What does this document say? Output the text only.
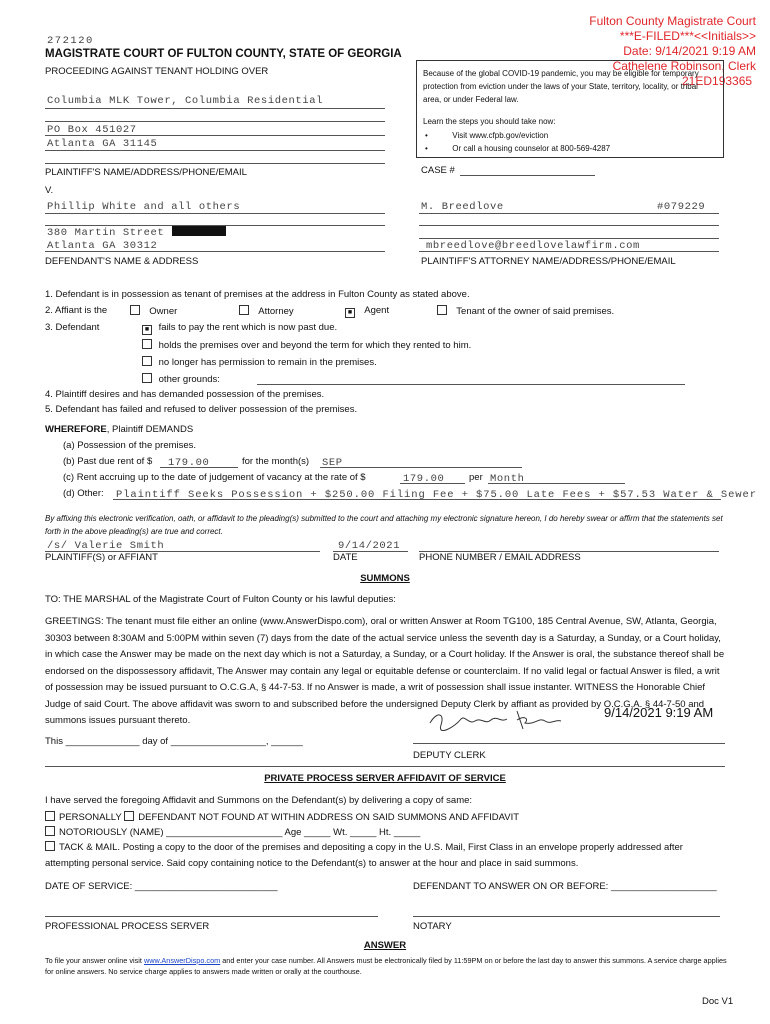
Fulton County Magistrate Court
***E-FILED***<<Initials>>
Date: 9/14/2021 9:19 AM
Cathelene Robinson, Clerk
21ED193365
272120
MAGISTRATE COURT OF FULTON COUNTY, STATE OF GEORGIA
PROCEEDING AGAINST TENANT HOLDING OVER	Because of the global COVID-19 pandemic, you may be eligible for temporary protection from eviction under the laws of your State, territory, locality, or tribal area, or under Federal law.
Learn the steps you should take now:
•           Visit www.cfpb.gov/eviction
•           Or call a housing counselor at 800-569-4287
Columbia MLK Tower, Columbia Residential
PO Box 451027
Atlanta GA 31145
PLAINTIFF'S NAME/ADDRESS/PHONE/EMAIL	CASE #
V.
Phillip White and all others
380 Martin Street
Atlanta GA 30312
DEFENDANT'S NAME & ADDRESS
M. Breedlove	#079229
mbreedlove@breedlovelawfirm.com
PLAINTIFF'S ATTORNEY NAME/ADDRESS/PHONE/EMAIL
1. Defendant is in possession as tenant of premises at the address in Fulton County as stated above.
2. Affiant is the	Owner	Attorney	■ Agent	Tenant of the owner of said premises.
3. Defendant	■ fails to pay the rent which is now past due.
holds the premises over and beyond the term for which they rented to him.
no longer has permission to remain in the premises.
other grounds:
4. Plaintiff desires and has demanded possession of the premises.
5. Defendant has failed and refused to deliver possession of the premises.
WHEREFORE, Plaintiff DEMANDS
(a) Possession of the premises.
(b) Past due rent of $ 179.00	for the month(s) SEP
(c) Rent accruing up to the date of judgement of vacancy at the rate of $	179.00	per Month
(d) Other: Plaintiff Seeks Possession + $250.00 Filing Fee + $75.00 Late Fees + $57.53 Water & Sewer
By affixing this electronic verification, oath, or affidavit to the pleading(s) submitted to the court and attaching my electronic signature hereon, I do hereby swear or affirm that the statements set forth in the above pleading(s) are true and correct.
/s/ Valerie Smith	9/14/2021
PLAINTIFF(S) or AFFIANT	DATE	PHONE NUMBER / EMAIL ADDRESS
SUMMONS
TO: THE MARSHAL of the Magistrate Court of Fulton County or his lawful deputies:
GREETINGS: The tenant must file either an online (www.AnswerDispo.com), oral or written Answer at Room TG100, 185 Central Avenue, SW, Atlanta, Georgia, 30303 between 8:30AM and 5:00PM within seven (7) days from the date of the actual service unless the seventh day is a Saturday, a Sunday, or a Court holiday, in which case the Answer may be made on the next day which is not a Saturday, a Sunday, or a Court holiday. If the Answer is oral, the substance thereof shall be endorsed on the dispossessory affidavit, The Answer may contain any legal or equitable defense or counterclaim. If no valid legal or factual Answer is filed, a writ of possession may be issued pursuant to O.C.G.A, § 44-7-53. If no Answer is made, a writ of possession shall issue instanter. WITNESS the Honorable Chief Judge of said Court. The above affidavit was sworn to and subscribed before the undersigned Deputy Clerk by affiant as provided by O.C.G.A. § 44-7-50 and summons issues pursuant thereto.
9/14/2021 9:19 AM
This ______________ day of __________________, ______
DEPUTY CLERK
PRIVATE PROCESS SERVER AFFIDAVIT OF SERVICE
I have served the foregoing Affidavit and Summons on the Defendant(s) by delivering a copy of same:
PERSONALLY DEFENDANT NOT FOUND AT WITHIN ADDRESS ON SAID SUMMONS AND AFFIDAVIT
NOTORIOUSLY (NAME) ______________________ Age _____ Wt. _____ Ht. _____
TACK & MAIL. Posting a copy to the door of the premises and depositing a copy in the U.S. Mail, First Class in an envelope properly addressed after attempting personal service. Said copy containing notice to the Defendant(s) to answer at the hour and place in said summons.
DATE OF SERVICE: ___________________________	DEFENDANT TO ANSWER ON OR BEFORE: ____________________
PROFESSIONAL PROCESS SERVER	NOTARY
ANSWER
To file your answer online visit www.AnswerDispo.com and enter your case number. All Answers must be electronically filed by 11:59PM on or before the last day to answer this summons. A service charge applies for online answers. No service charge applies to answers made written or orally at the courthouse.
Doc V1
